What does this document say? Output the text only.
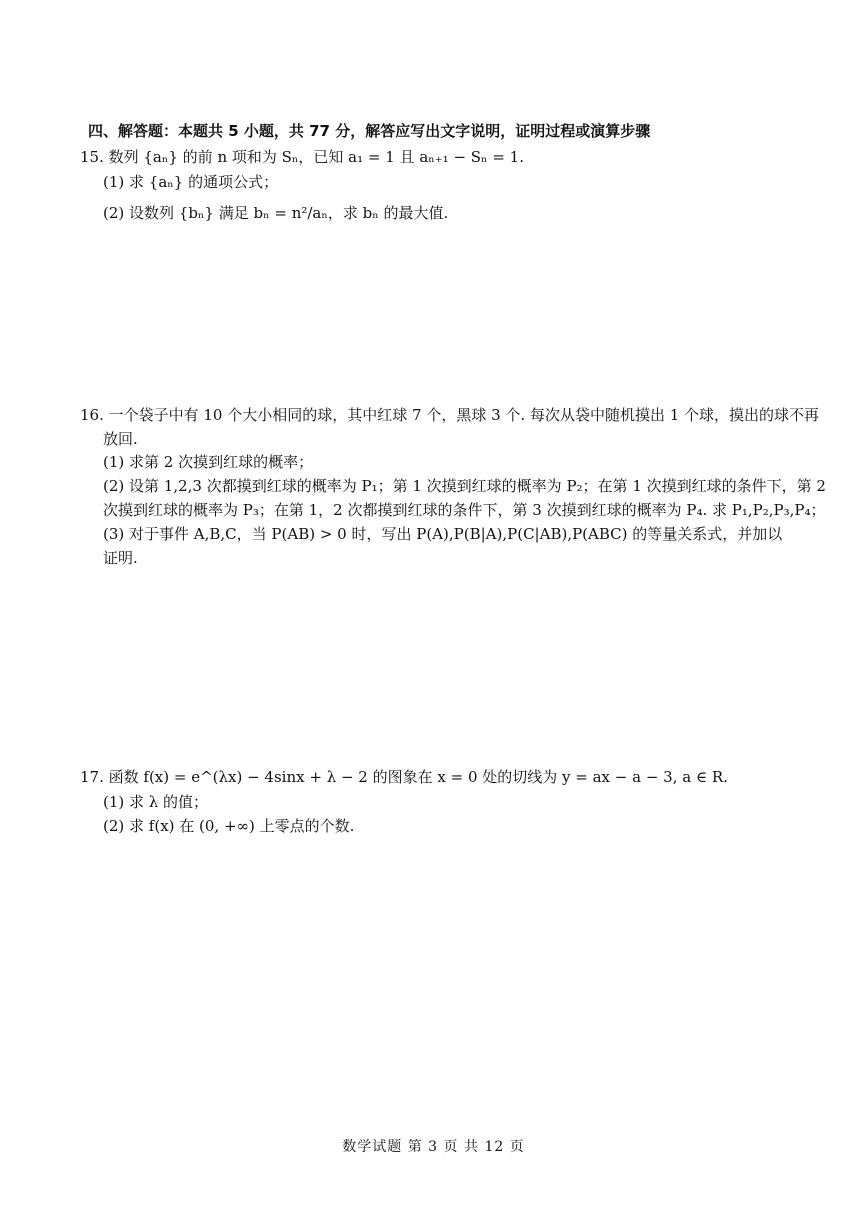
四、解答题：本题共 5 小题，共 77 分，解答应写出文字说明，证明过程或演算步骤
15. 数列 {aₙ} 的前 n 项和为 Sₙ，已知 a₁ = 1 且 aₙ₊₁ − Sₙ = 1.
(1) 求 {aₙ} 的通项公式；
(2) 设数列 {bₙ} 满足 bₙ = n²/aₙ，求 bₙ 的最大值.
16. 一个袋子中有 10 个大小相同的球，其中红球 7 个，黑球 3 个. 每次从袋中随机摸出 1 个球，摸出的球不再
放回.
(1) 求第 2 次摸到红球的概率；
(2) 设第 1,2,3 次都摸到红球的概率为 P₁；第 1 次摸到红球的概率为 P₂；在第 1 次摸到红球的条件下，第 2
次摸到红球的概率为 P₃；在第 1，2 次都摸到红球的条件下，第 3 次摸到红球的概率为 P₄. 求 P₁,P₂,P₃,P₄；
(3) 对于事件 A,B,C，当 P(AB) > 0 时，写出 P(A),P(B|A),P(C|AB),P(ABC) 的等量关系式，并加以
证明.
17. 函数 f(x) = e^(λx) − 4sinx + λ − 2 的图象在 x = 0 处的切线为 y = ax − a − 3, a ∈ R.
(1) 求 λ 的值；
(2) 求 f(x) 在 (0, +∞) 上零点的个数.
数学试题 第 3 页 共 12 页
